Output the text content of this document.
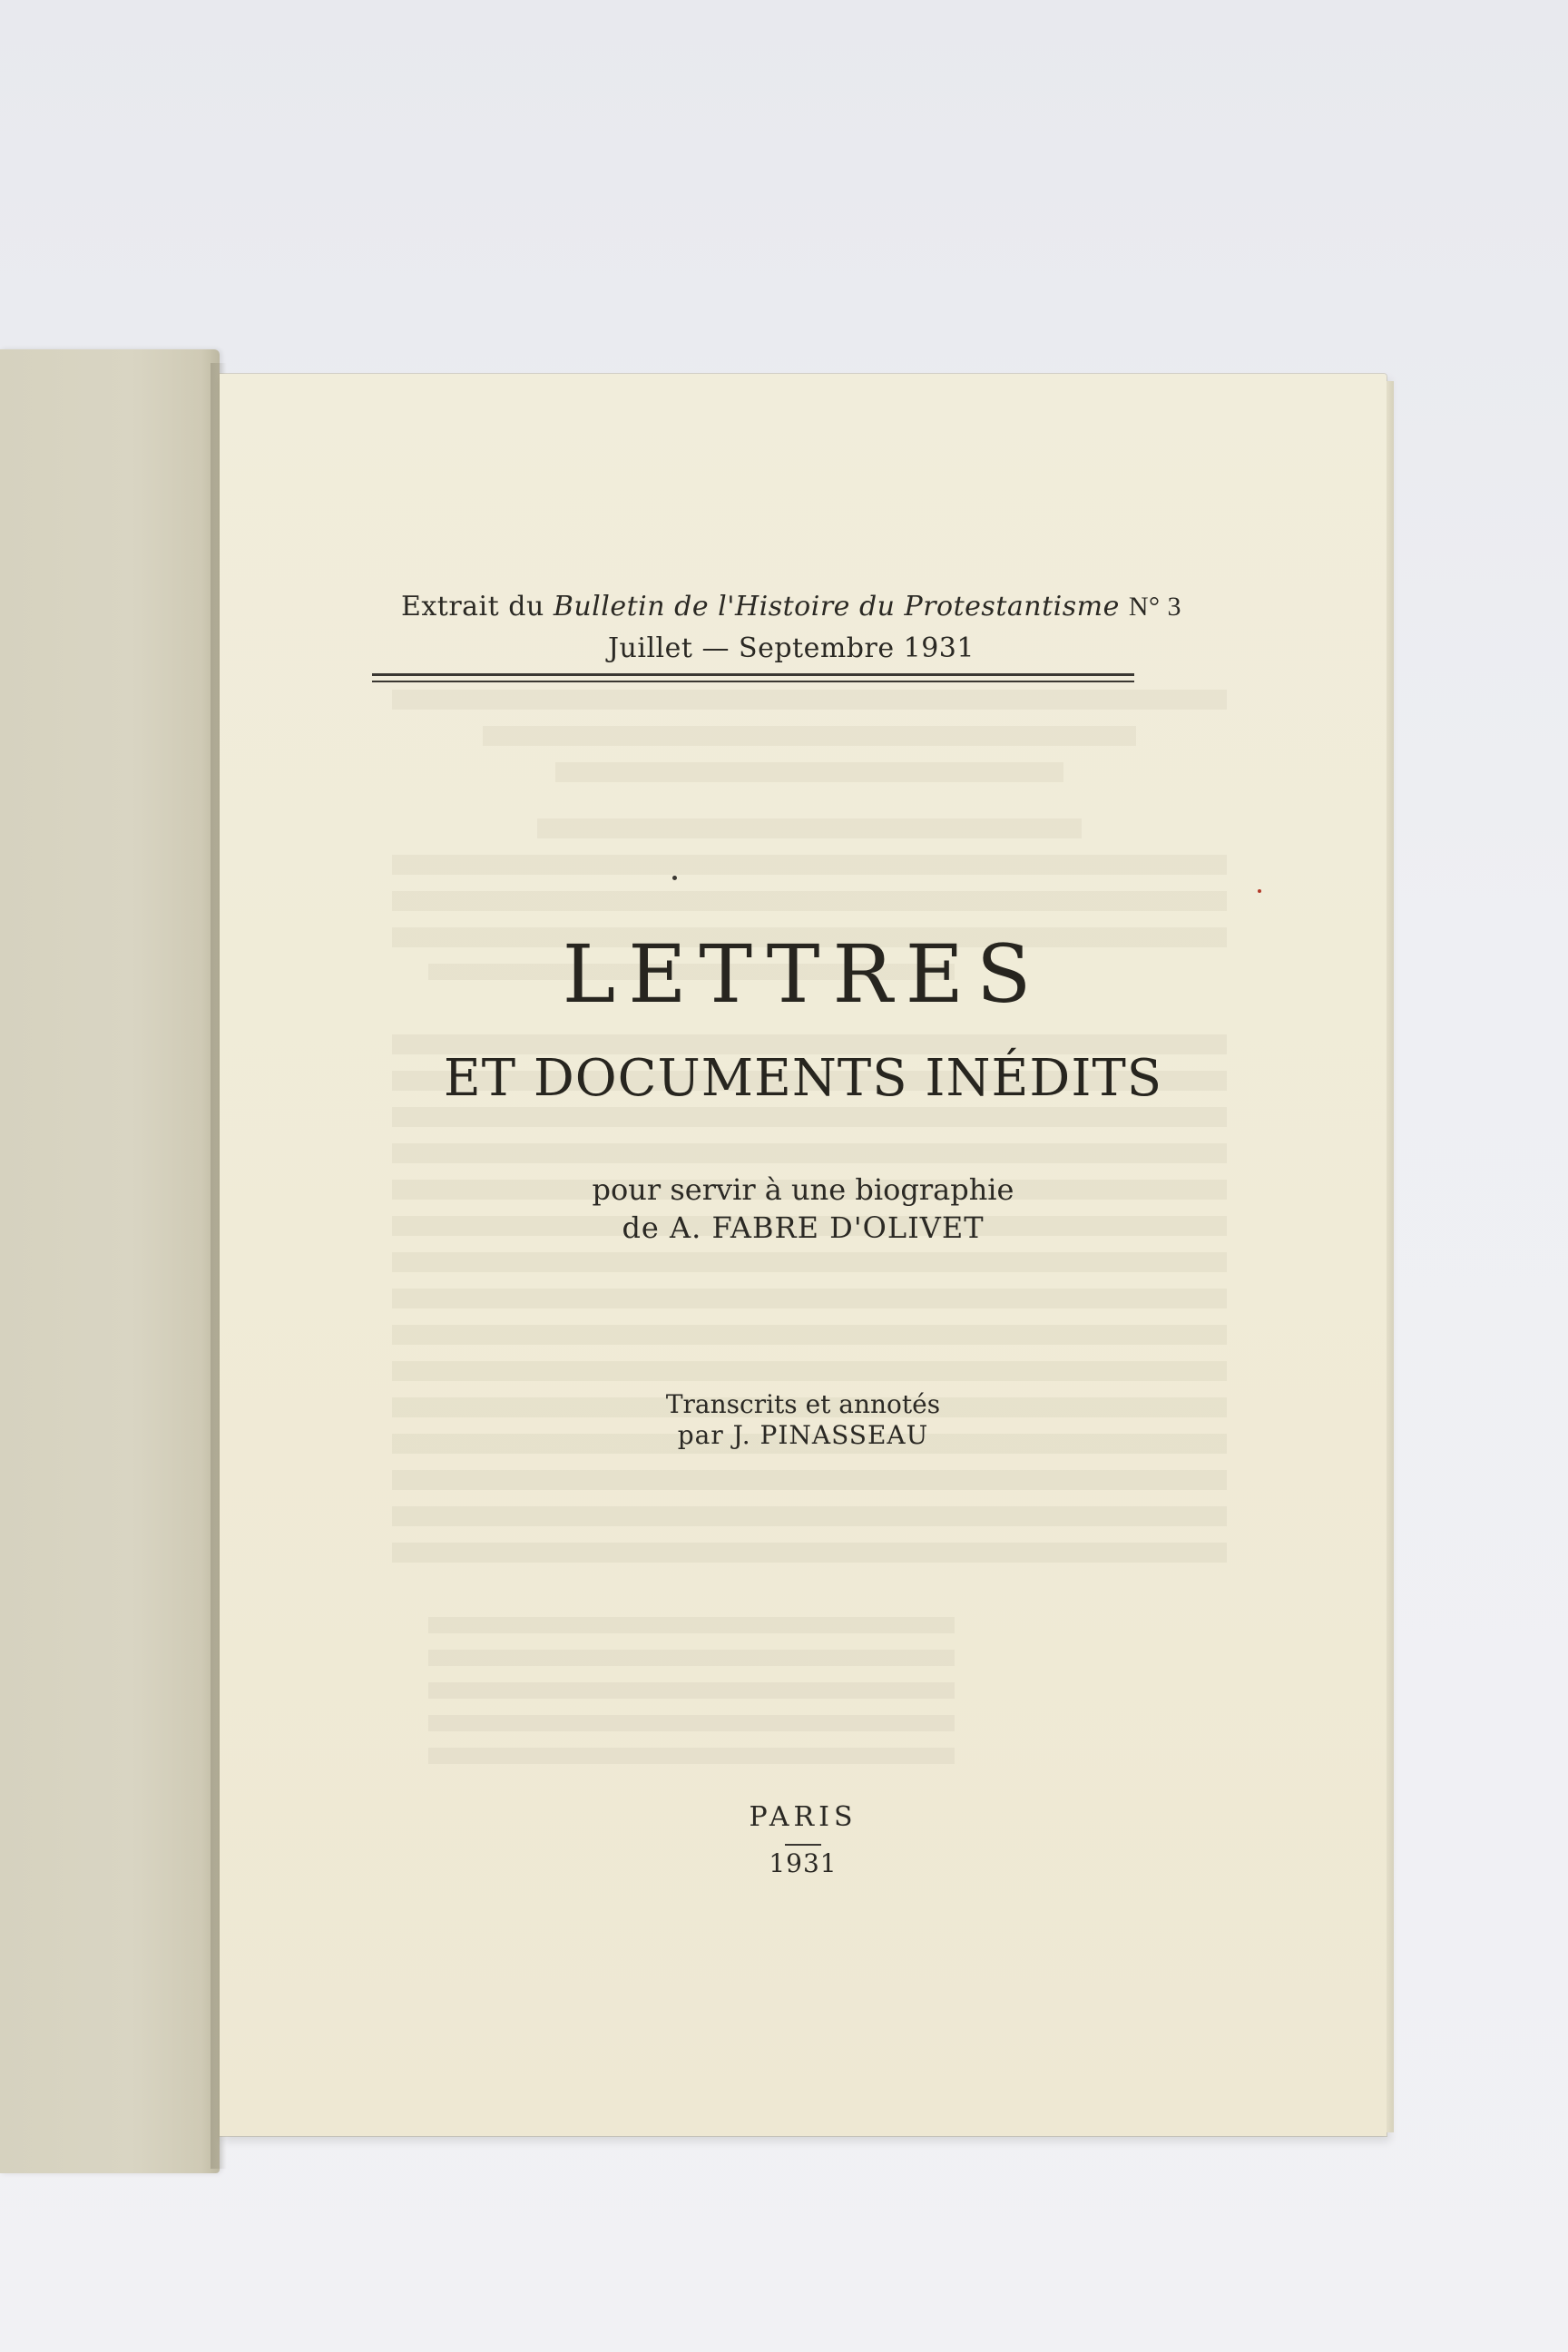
Extrait du Bulletin de l'Histoire du Protestantisme N° 3
Juillet — Septembre 1931
LETTRES
ET DOCUMENTS INÉDITS
pour servir à une biographie
de A. FABRE D'OLIVET
Transcrits et annotés
par J. PINASSEAU
PARIS
1931
